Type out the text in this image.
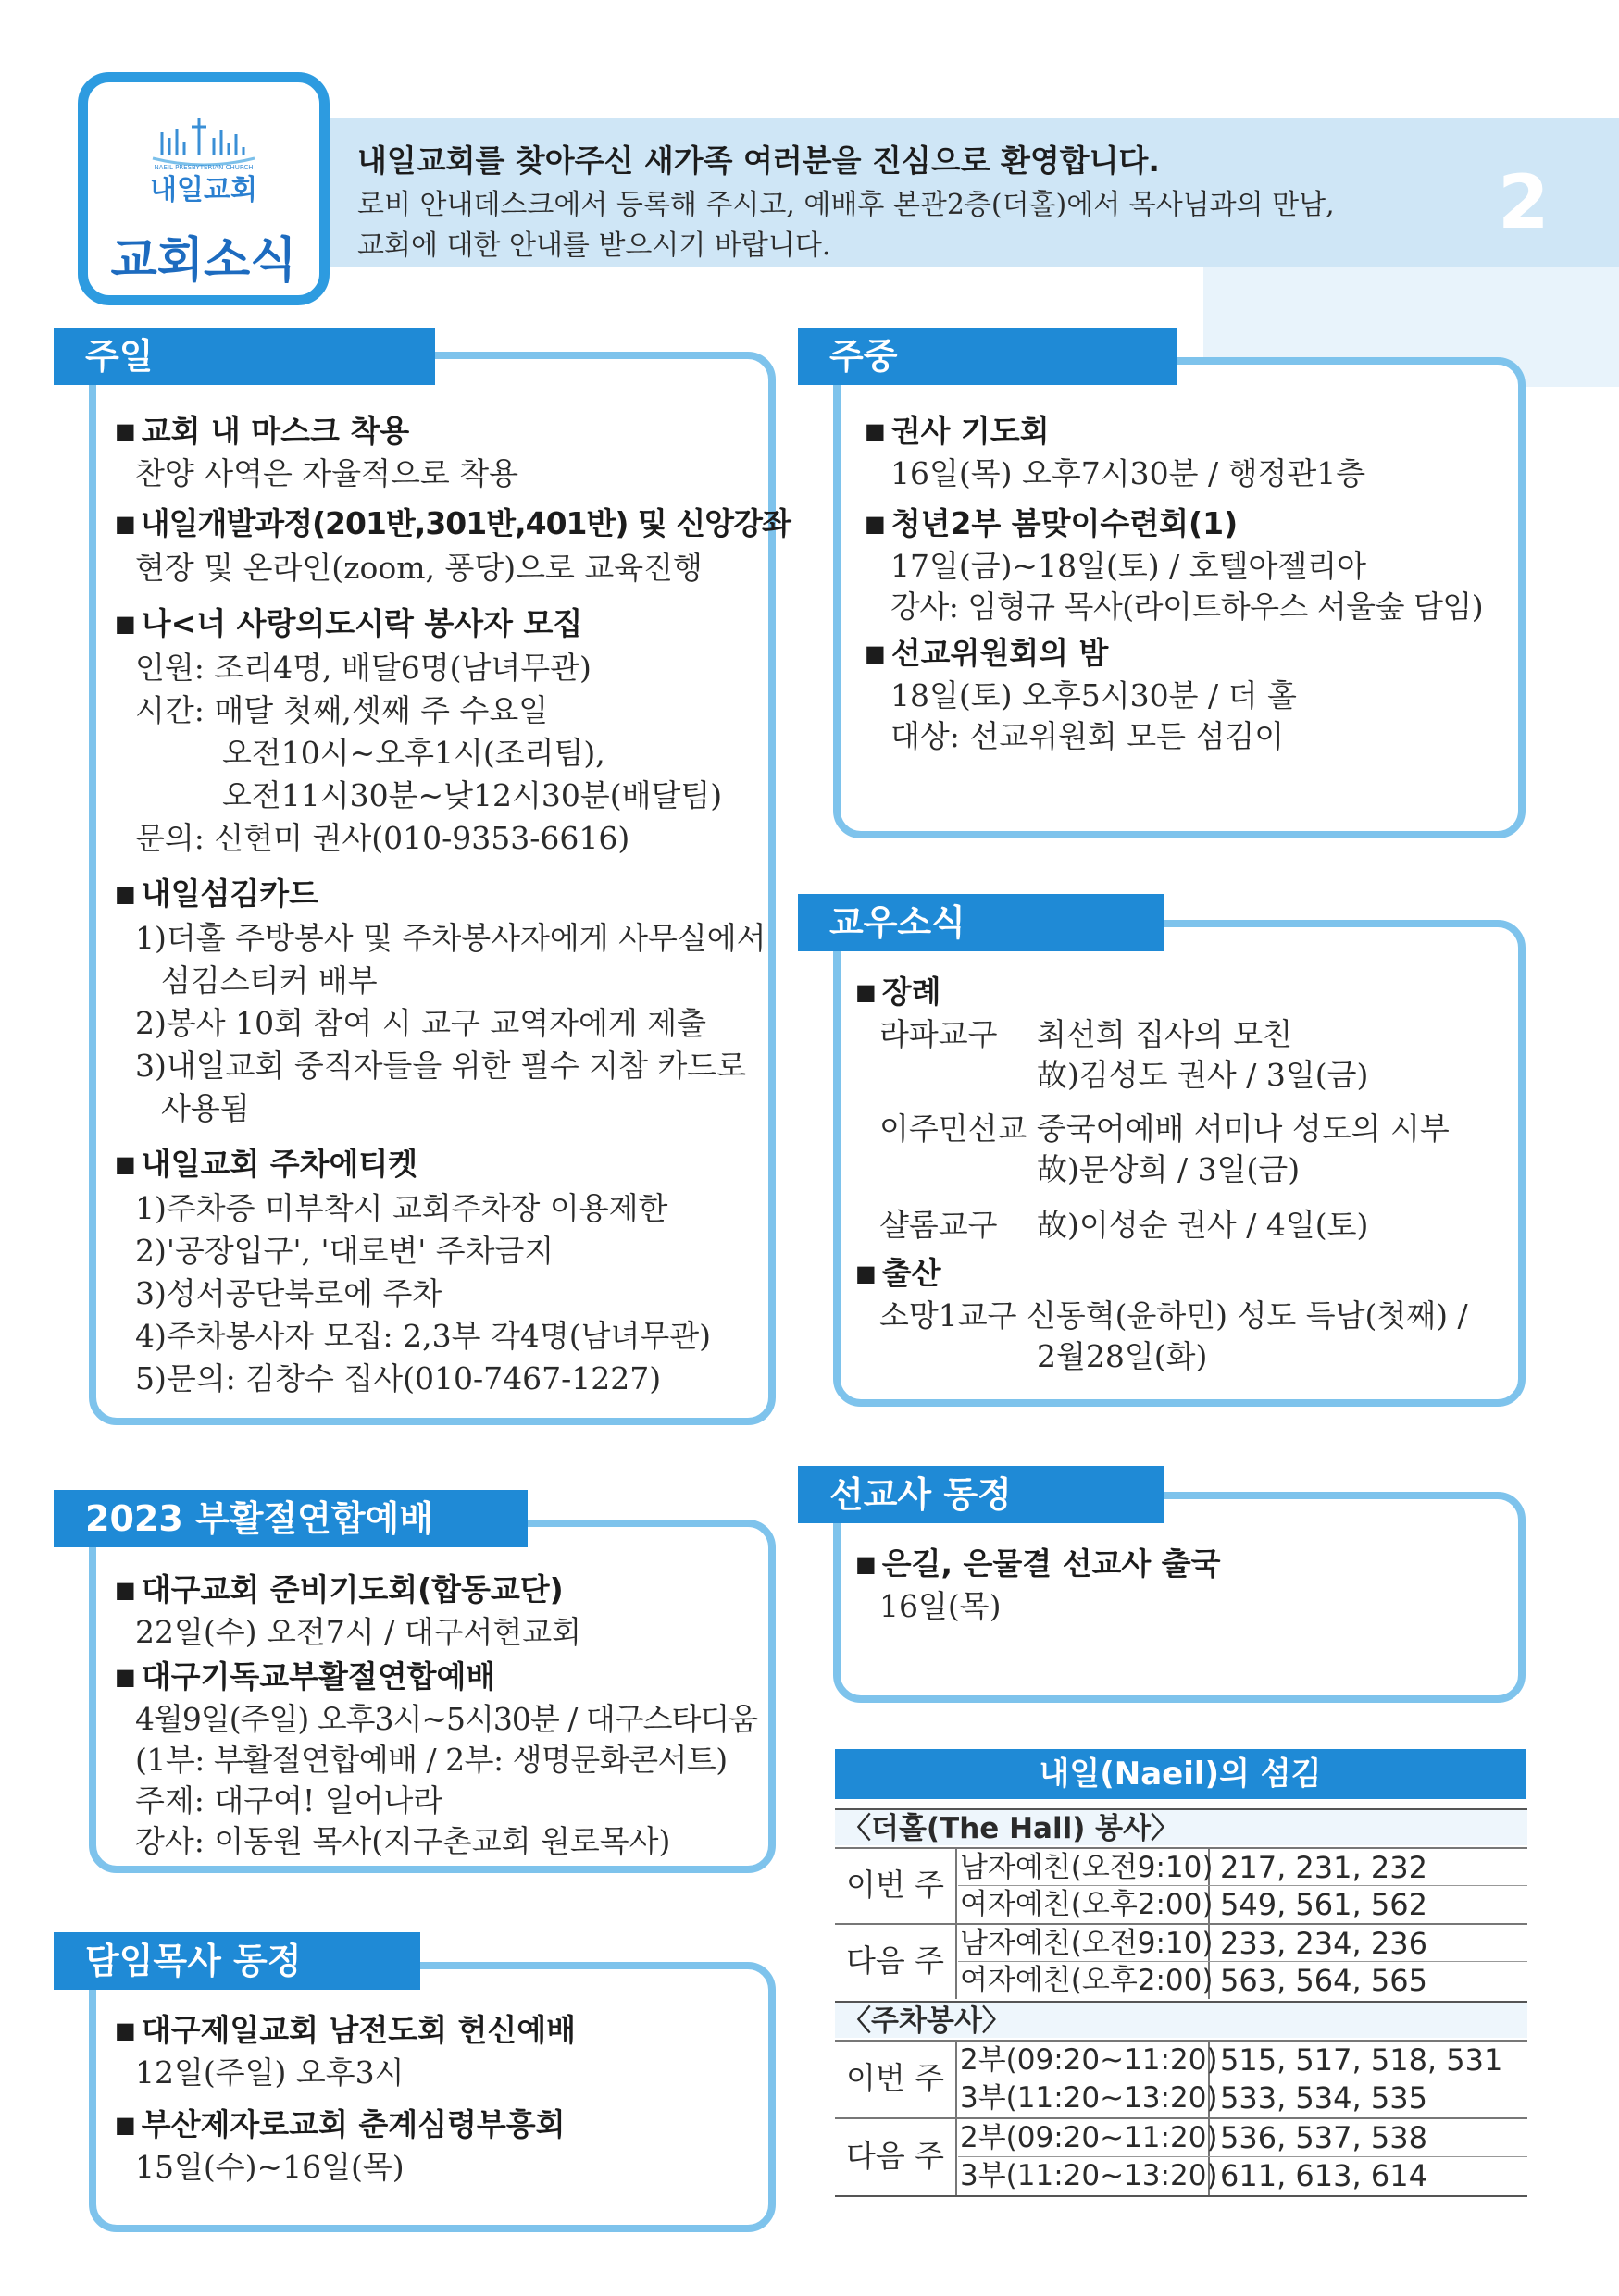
NAEIL PRESBYTERIAN CHURCH
내일교회
교회소식
내일교회를 찾아주신 새가족 여러분을 진심으로 환영합니다.
로비 안내데스크에서 등록해 주시고, 예배후 본관2층(더홀)에서 목사님과의 만남,
교회에 대한 안내를 받으시기 바랍니다.
2
주일
■ 교회 내 마스크 착용
찬양 사역은 자율적으로 착용
■ 내일개발과정(201반,301반,401반) 및 신앙강좌
현장 및 온라인(zoom, 퐁당)으로 교육진행
■ 나<너 사랑의도시락 봉사자 모집
인원: 조리4명, 배달6명(남녀무관)
시간: 매달 첫째,셋째 주 수요일
오전10시~오후1시(조리팀),
오전11시30분~낮12시30분(배달팀)
문의: 신현미 권사(010-9353-6616)
■ 내일섬김카드
1)더홀 주방봉사 및 주차봉사자에게 사무실에서
섬김스티커 배부
2)봉사 10회 참여 시 교구 교역자에게 제출
3)내일교회 중직자들을 위한 필수 지참 카드로
사용됨
■ 내일교회 주차에티켓
1)주차증 미부착시 교회주차장 이용제한
2)'공장입구', '대로변' 주차금지
3)성서공단북로에 주차
4)주차봉사자 모집: 2,3부 각4명(남녀무관)
5)문의: 김창수 집사(010-7467-1227)
주중
■ 권사 기도회
16일(목) 오후7시30분 / 행정관1층
■ 청년2부 봄맞이수련회(1)
17일(금)~18일(토) / 호텔아젤리아
강사: 임형규 목사(라이트하우스 서울숲 담임)
■ 선교위원회의 밤
18일(토) 오후5시30분 / 더 홀
대상: 선교위원회 모든 섬김이
교우소식
■ 장례
라파교구 최선희 집사의 모친
故)김성도 권사 / 3일(금)
이주민선교 중국어예배 서미나 성도의 시부
故)문상희 / 3일(금)
샬롬교구 故)이성순 권사 / 4일(토)
■ 출산
소망1교구 신동혁(윤하민) 성도 득남(첫째) /
2월28일(화)
선교사 동정
■ 은길, 은물결 선교사 출국
16일(목)
2023 부활절연합예배
■ 대구교회 준비기도회(합동교단)
22일(수) 오전7시 / 대구서현교회
■ 대구기독교부활절연합예배
4월9일(주일) 오후3시~5시30분 / 대구스타디움
(1부: 부활절연합예배 / 2부: 생명문화콘서트)
주제: 대구여! 일어나라
강사: 이동원 목사(지구촌교회 원로목사)
담임목사 동정
■ 대구제일교회 남전도회 헌신예배
12일(주일) 오후3시
■ 부산제자로교회 춘계심령부흥회
15일(수)~16일(목)
내일(Naeil)의 섬김
〈더홀(The Hall) 봉사〉
이번 주 남자예친(오전9:10) 217, 231, 232
여자예친(오후2:00) 549, 561, 562
다음 주 남자예친(오전9:10) 233, 234, 236
여자예친(오후2:00) 563, 564, 565
〈주차봉사〉
이번 주 2부(09:20~11:20) 515, 517, 518, 531
3부(11:20~13:20) 533, 534, 535
다음 주 2부(09:20~11:20) 536, 537, 538
3부(11:20~13:20) 611, 613, 614
